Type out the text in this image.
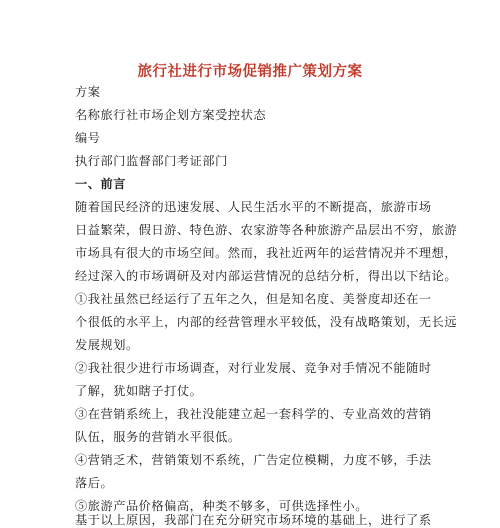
旅行社进行市场促销推广策划方案
方案
名称旅行社市场企划方案受控状态
编号
执行部门监督部门考证部门
一、前言
随着国民经济的迅速发展、人民生活水平的不断提高，旅游市场
日益繁荣，假日游、特色游、农家游等各种旅游产品层出不穷，旅游
市场具有很大的市场空间。然而，我社近两年的运营情况并不理想，
经过深入的市场调研及对内部运营情况的总结分析，得出以下结论。
①我社虽然已经运行了五年之久，但是知名度、美誉度却还在一
个很低的水平上，内部的经营管理水平较低，没有战略策划，无长远
发展规划。
②我社很少进行市场调查，对行业发展、竞争对手情况不能随时
了解，犹如瞎子打仗。
③在营销系统上，我社没能建立起一套科学的、专业高效的营销
队伍，服务的营销水平很低。
④营销乏术，营销策划不系统，广告定位模糊，力度不够，手法
落后。
⑤旅游产品价格偏高，种类不够多，可供选择性小。
基于以上原因，我部门在充分研究市场环境的基础上，进行了系
